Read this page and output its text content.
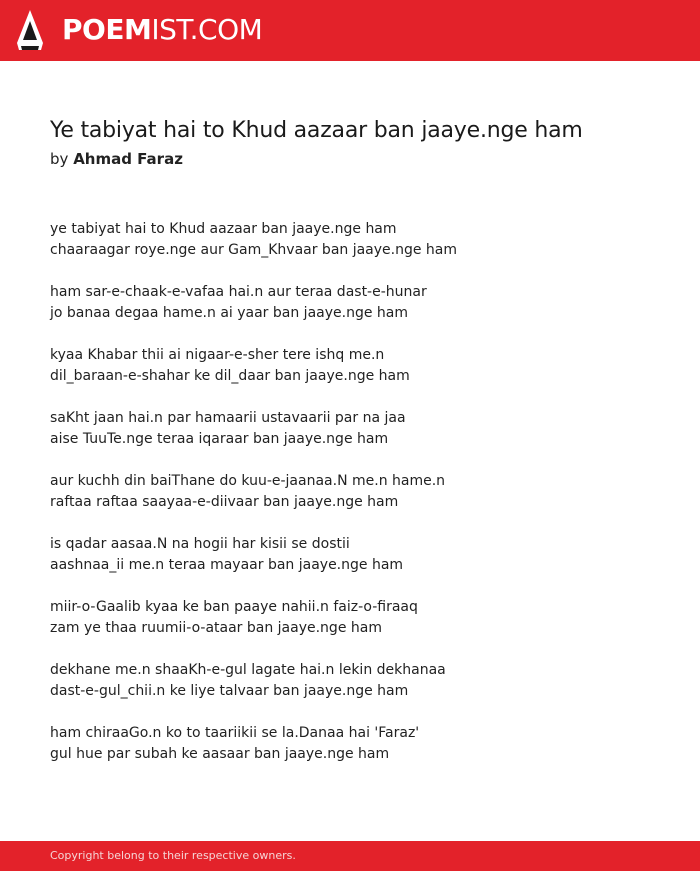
POEMIST.COM
Ye tabiyat hai to Khud aazaar ban jaaye.nge ham
by Ahmad Faraz
ye tabiyat hai to Khud aazaar ban jaaye.nge ham
chaaraagar roye.nge aur Gam_Khvaar ban jaaye.nge ham
ham sar-e-chaak-e-vafaa hai.n aur teraa dast-e-hunar
jo banaa degaa hame.n ai yaar ban jaaye.nge ham
kyaa Khabar thii ai nigaar-e-sher tere ishq me.n
dil_baraan-e-shahar ke dil_daar ban jaaye.nge ham
saKht jaan hai.n par hamaarii ustavaarii par na jaa
aise TuuTe.nge teraa iqaraar ban jaaye.nge ham
aur kuchh din baiThane do kuu-e-jaanaa.N me.n hame.n
raftaa raftaa saayaa-e-diivaar ban jaaye.nge ham
is qadar aasaa.N na hogii har kisii se dostii
aashnaa_ii me.n teraa mayaar ban jaaye.nge ham
miir-o-Gaalib kyaa ke ban paaye nahii.n faiz-o-firaaq
zam ye thaa ruumii-o-ataar ban jaaye.nge ham
dekhane me.n shaaKh-e-gul lagate hai.n lekin dekhanaa
dast-e-gul_chii.n ke liye talvaar ban jaaye.nge ham
ham chiraaGo.n ko to taariikii se la.Danaa hai 'Faraz'
gul hue par subah ke aasaar ban jaaye.nge ham
Copyright belong to their respective owners.
